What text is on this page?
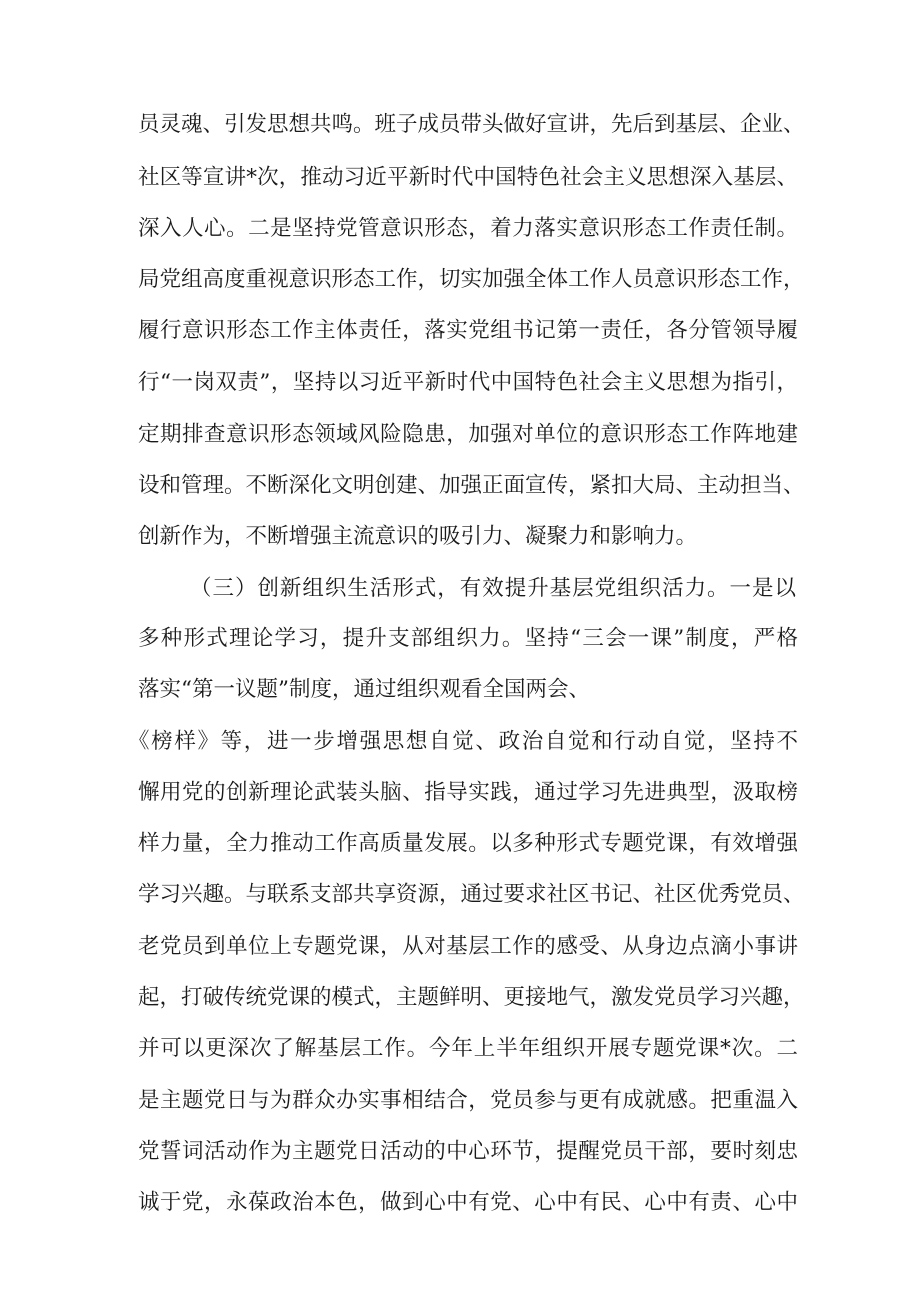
员灵魂、引发思想共鸣。班子成员带头做好宣讲，先后到基层、企业、
社区等宣讲*次，推动习近平新时代中国特色社会主义思想深入基层、
深入人心。二是坚持党管意识形态，着力落实意识形态工作责任制。
局党组高度重视意识形态工作，切实加强全体工作人员意识形态工作，
履行意识形态工作主体责任，落实党组书记第一责任，各分管领导履
行“一岗双责”，坚持以习近平新时代中国特色社会主义思想为指引，
定期排查意识形态领域风险隐患，加强对单位的意识形态工作阵地建
设和管理。不断深化文明创建、加强正面宣传，紧扣大局、主动担当、
创新作为，不断增强主流意识的吸引力、凝聚力和影响力。
（三）创新组织生活形式，有效提升基层党组织活力。一是以
多种形式理论学习，提升支部组织力。坚持“三会一课”制度，严格
落实“第一议题”制度，通过组织观看全国两会、
《榜样》等，进一步增强思想自觉、政治自觉和行动自觉，坚持不
懈用党的创新理论武装头脑、指导实践，通过学习先进典型，汲取榜
样力量，全力推动工作高质量发展。以多种形式专题党课，有效增强
学习兴趣。与联系支部共享资源，通过要求社区书记、社区优秀党员、
老党员到单位上专题党课，从对基层工作的感受、从身边点滴小事讲
起，打破传统党课的模式，主题鲜明、更接地气，激发党员学习兴趣，
并可以更深次了解基层工作。今年上半年组织开展专题党课*次。二
是主题党日与为群众办实事相结合，党员参与更有成就感。把重温入
党誓词活动作为主题党日活动的中心环节，提醒党员干部，要时刻忠
诚于党，永葆政治本色，做到心中有党、心中有民、心中有责、心中
